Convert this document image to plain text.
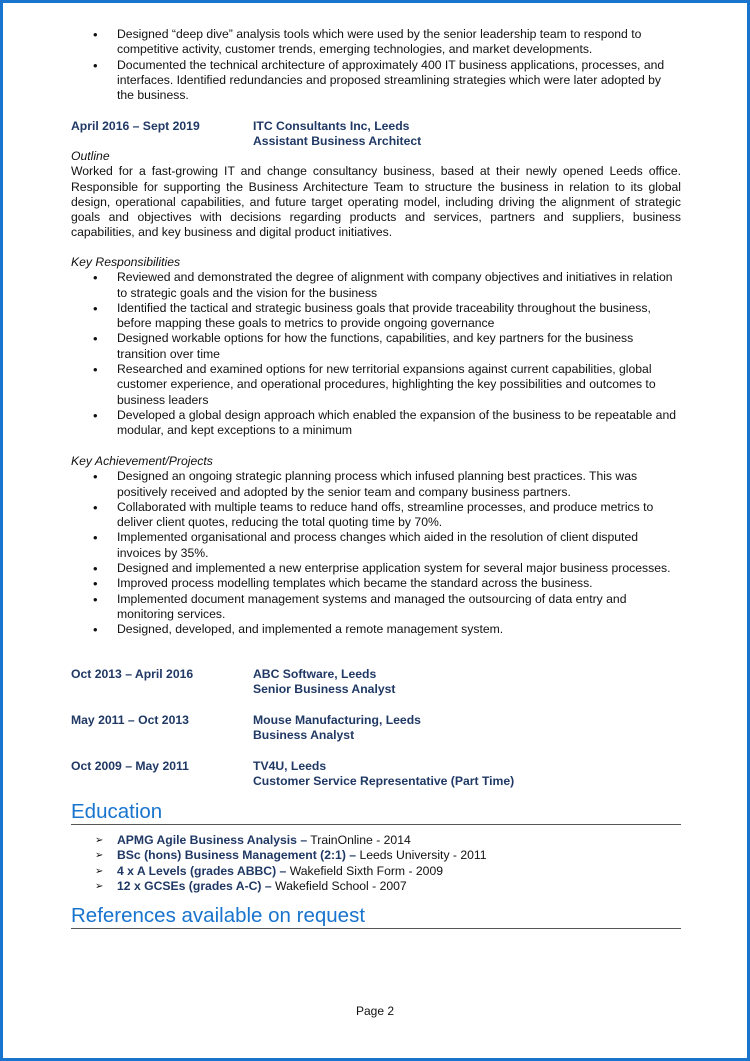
• Designed “deep dive” analysis tools which were used by the senior leadership team to respond to competitive activity, customer trends, emerging technologies, and market developments.
• Documented the technical architecture of approximately 400 IT business applications, processes, and interfaces. Identified redundancies and proposed streamlining strategies which were later adopted by the business.
April 2016 – Sept 2019	ITC Consultants Inc, Leeds
Assistant Business Architect
Outline
Worked for a fast-growing IT and change consultancy business, based at their newly opened Leeds office. Responsible for supporting the Business Architecture Team to structure the business in relation to its global design, operational capabilities, and future target operating model, including driving the alignment of strategic goals and objectives with decisions regarding products and services, partners and suppliers, business capabilities, and key business and digital product initiatives.
Key Responsibilities
• Reviewed and demonstrated the degree of alignment with company objectives and initiatives in relation to strategic goals and the vision for the business
• Identified the tactical and strategic business goals that provide traceability throughout the business, before mapping these goals to metrics to provide ongoing governance
• Designed workable options for how the functions, capabilities, and key partners for the business transition over time
• Researched and examined options for new territorial expansions against current capabilities, global customer experience, and operational procedures, highlighting the key possibilities and outcomes to business leaders
• Developed a global design approach which enabled the expansion of the business to be repeatable and modular, and kept exceptions to a minimum
Key Achievement/Projects
• Designed an ongoing strategic planning process which infused planning best practices. This was positively received and adopted by the senior team and company business partners.
• Collaborated with multiple teams to reduce hand offs, streamline processes, and produce metrics to deliver client quotes, reducing the total quoting time by 70%.
• Implemented organisational and process changes which aided in the resolution of client disputed invoices by 35%.
• Designed and implemented a new enterprise application system for several major business processes.
• Improved process modelling templates which became the standard across the business.
• Implemented document management systems and managed the outsourcing of data entry and monitoring services.
• Designed, developed, and implemented a remote management system.
Oct 2013 – April 2016	ABC Software, Leeds
Senior Business Analyst
May 2011 – Oct 2013	Mouse Manufacturing, Leeds
Business Analyst
Oct 2009 – May 2011	TV4U, Leeds
Customer Service Representative (Part Time)
Education
➢ APMG Agile Business Analysis – TrainOnline - 2014
➢ BSc (hons) Business Management (2:1) – Leeds University - 2011
➢ 4 x A Levels (grades ABBC) – Wakefield Sixth Form - 2009
➢ 12 x GCSEs (grades A-C) – Wakefield School - 2007
References available on request
Page 2
